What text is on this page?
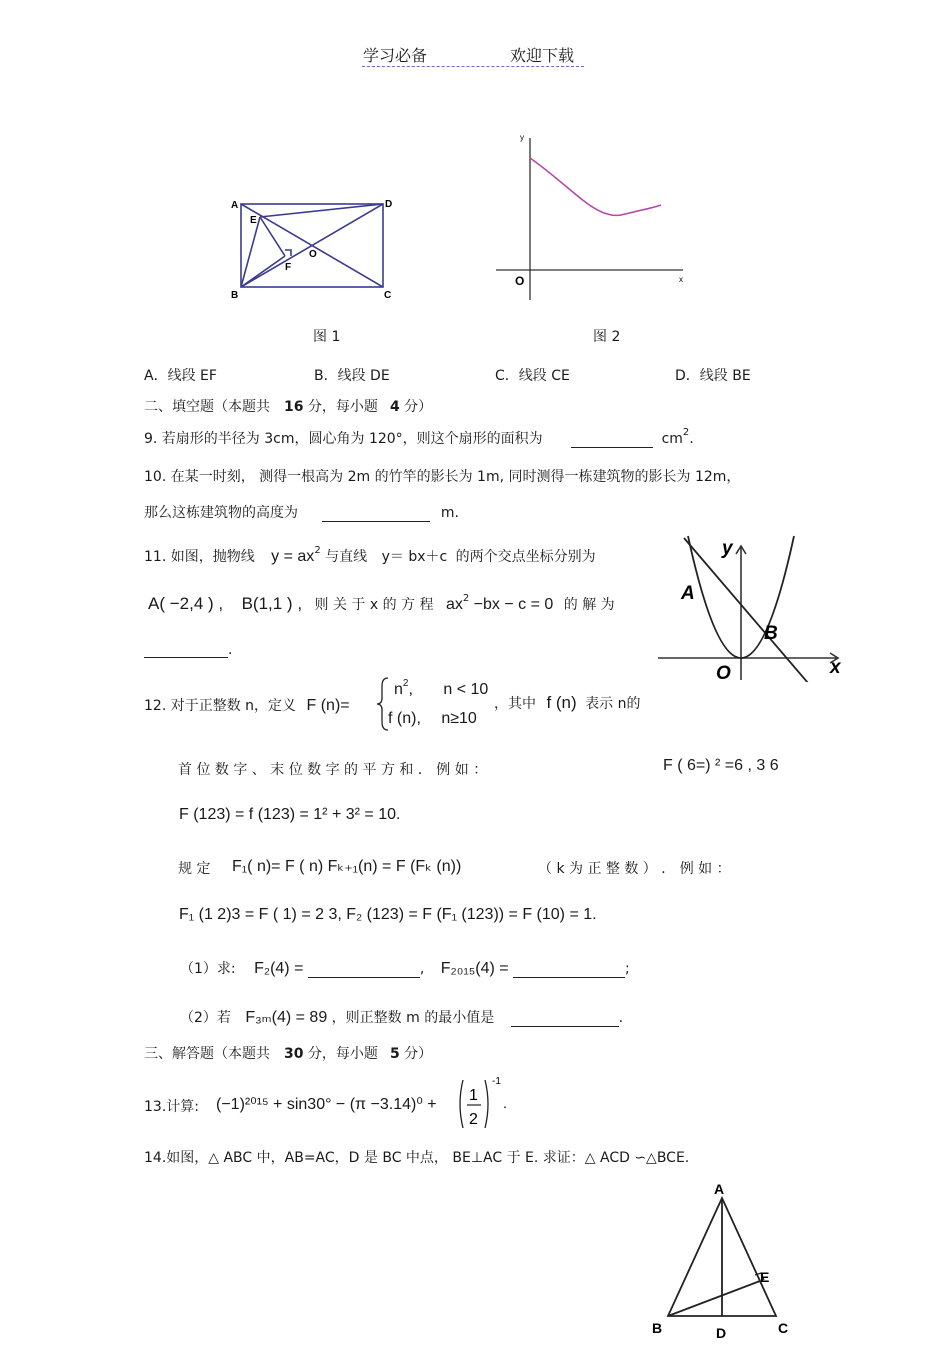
学习必备	欢迎下载
A	D
E
F
O
B	C
图 1
y
x
O
图 2
A．线段 EF	B．线段 DE	C．线段 CE	D．线段 BE
二、填空题（本题共 16 分，每小题 4 分）
9. 若扇形的半径为 3cm，圆心角为 120°，则这个扇形的面积为	$cm^2$.
10. 在某一时刻， 测得一根高为 2m 的竹竿的影长为 1m, 同时测得一栋建筑物的影长为 12m，
那么这栋建筑物的高度为	m.
11. 如图，抛物线 $y = ax^2$ 与直线 y＝ bx＋c 的两个交点坐标分别为
A( −2,4 ) , B(1,1 ) , 则 关 于 x 的 方 程 $ax^2 -bx - c = 0$ 的 解 为
.
y
x
A
B
O
12. 对于正整数 n，定义 F (n)=
$n^2$, n < 10
f (n), n≥10
，其中 f (n) 表示 n的
首 位 数 字 、 末 位 数 字 的 平 方 和 ． 例 如 ：	F ( 6=) ² =6 , 3 6
F (123) = f (123) = 1² + 3² = 10.
规 定 F₁( n)= F ( n) Fₖ₊₁(n) = F (Fₖ (n))	（ k 为 正 整 数 ） ． 例 如 ：
F₁ (1 2)3 = F ( 1) = 2 3, F₂ (123) = F (F₁ (123)) = F (10) = 1.
（1）求: F₂(4) =	, F₂₀₁₅(4) =	;
（2）若 F₃ₘ(4) = 89 ，则正整数 m 的最小值是	.
三、解答题（本题共 30 分，每小题 5 分）
13.计算: (−1)²⁰¹⁵ + sin30° − (π −3.14)⁰ +
1
2
-1
.
14.如图，△ ABC 中，AB=AC，D 是 BC 中点， BE⊥AC 于 E. 求证：△ ACD ∽△BCE.
A
B	C
D
E
